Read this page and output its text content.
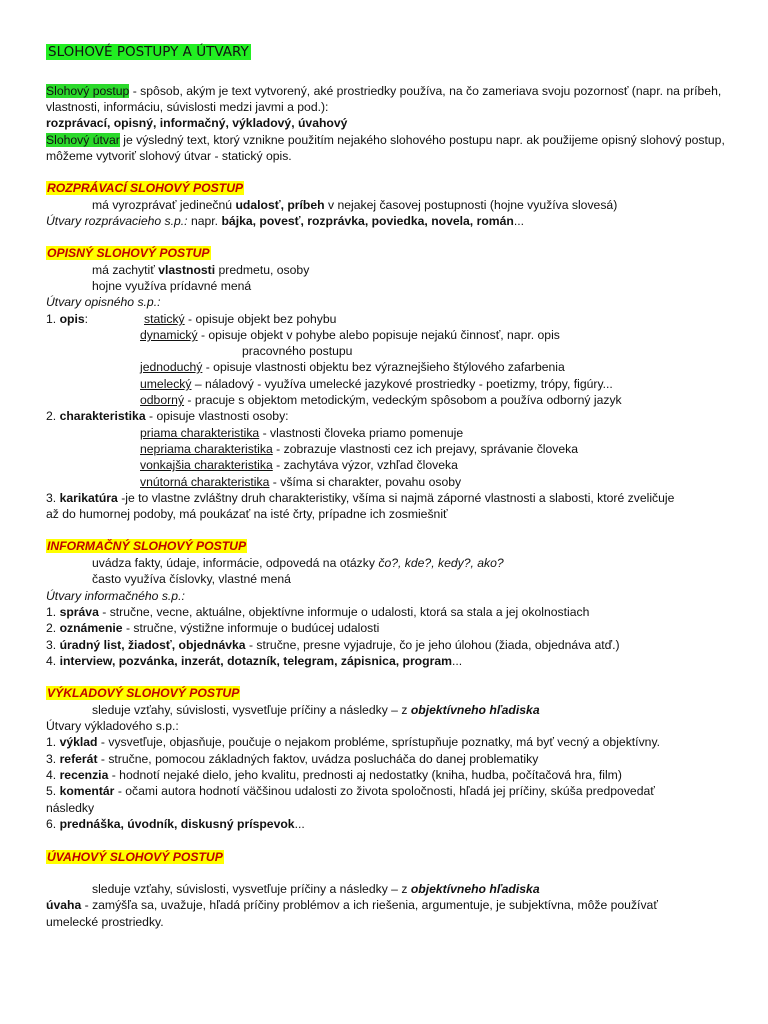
SLOHOVÉ POSTUPY A ÚTVARY
Slohový postup - spôsob, akým je text vytvorený, aké prostriedky používa, na čo zameriava svoju pozornosť (napr. na príbeh, vlastnosti, informáciu, súvislosti medzi javmi a pod.):
rozprávací, opisný, informačný, výkladový, úvahový
Slohový útvar je výsledný text, ktorý vznikne použitím nejakého slohového postupu napr. ak použijeme opisný slohový postup, môžeme vytvoriť slohový útvar - statický opis.
ROZPRÁVACÍ SLOHOVÝ POSTUP
má vyrozprávať jedinečnú udalosť, príbeh v nejakej časovej postupnosti (hojne využíva slovesá)
Útvary rozprávacieho s.p.: napr. bájka, povesť, rozprávka, poviedka, novela, román...
OPISNÝ SLOHOVÝ POSTUP
má zachytiť vlastnosti predmetu, osoby
hojne využíva prídavné mená
Útvary opisného s.p.:
1. opis:	statický - opisuje objekt bez pohybu
dynamický - opisuje objekt v pohybe alebo popisuje nejakú činnosť, napr. opis
pracovného postupu
jednoduchý - opisuje vlastnosti objektu bez výraznejšieho štýlového zafarbenia
umelecký – náladový - využíva umelecké jazykové prostriedky - poetizmy, trópy, figúry...
odborný - pracuje s objektom metodickým, vedeckým spôsobom a používa odborný jazyk
2. charakteristika - opisuje vlastnosti osoby:
priama charakteristika - vlastnosti človeka priamo pomenuje
nepriama charakteristika - zobrazuje vlastnosti cez ich prejavy, správanie človeka
vonkajšia charakteristika - zachytáva výzor, vzhľad človeka
vnútorná charakteristika - všíma si charakter, povahu osoby
3. karikatúra -je to vlastne zvláštny druh charakteristiky, všíma si najmä záporné vlastnosti a slabosti, ktoré zveličuje
až do humornej podoby, má poukázať na isté črty, prípadne ich zosmiešniť
INFORMAČNÝ SLOHOVÝ POSTUP
uvádza fakty, údaje, informácie, odpovedá na otázky čo?, kde?, kedy?, ako?
často využíva číslovky, vlastné mená
Útvary informačného s.p.:
1. správa - stručne, vecne, aktuálne, objektívne informuje o udalosti, ktorá sa stala a jej okolnostiach
2. oznámenie - stručne, výstižne informuje o budúcej udalosti
3. úradný list, žiadosť, objednávka - stručne, presne vyjadruje, čo je jeho úlohou (žiada, objednáva atď.)
4. interview, pozvánka, inzerát, dotazník, telegram, zápisnica, program...
VÝKLADOVÝ SLOHOVÝ POSTUP
sleduje vzťahy, súvislosti, vysvetľuje príčiny a následky – z objektívneho hľadiska
Útvary výkladového s.p.:
1. výklad - vysvetľuje, objasňuje, poučuje o nejakom probléme, sprístupňuje poznatky, má byť vecný a objektívny.
3. referát - stručne, pomocou základných faktov, uvádza poslucháča do danej problematiky
4. recenzia - hodnotí nejaké dielo, jeho kvalitu, prednosti aj nedostatky (kniha, hudba, počítačová hra, film)
5. komentár - očami autora hodnotí väčšinou udalosti zo života spoločnosti, hľadá jej príčiny, skúša predpovedať
následky
6. prednáška, úvodník, diskusný príspevok...
ÚVAHOVÝ SLOHOVÝ POSTUP
sleduje vzťahy, súvislosti, vysvetľuje príčiny a následky – z objektívneho hľadiska
úvaha - zamýšľa sa, uvažuje, hľadá príčiny problémov a ich riešenia, argumentuje, je subjektívna, môže používať
umelecké prostriedky.
